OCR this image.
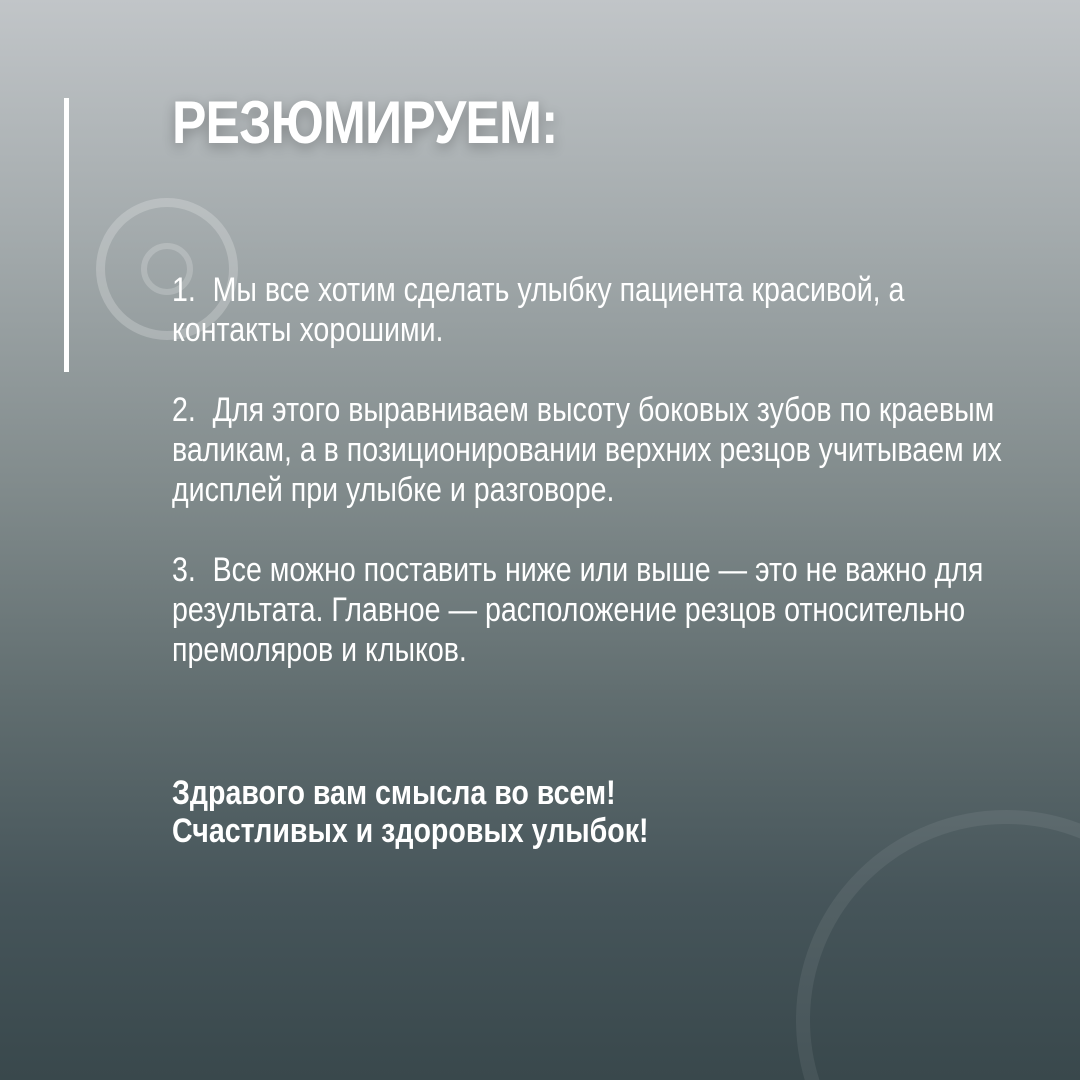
РЕЗЮМИРУЕМ:
1. Мы все хотим сделать улыбку пациента красивой, а контакты хорошими.
2. Для этого выравниваем высоту боковых зубов по краевым валикам, а в позиционировании верхних резцов учитываем их дисплей при улыбке и разговоре.
3. Все можно поставить ниже или выше — это не важно для результата. Главное — расположение резцов относительно премоляров и клыков.
Здравого вам смысла во всем!
Счастливых и здоровых улыбок!
